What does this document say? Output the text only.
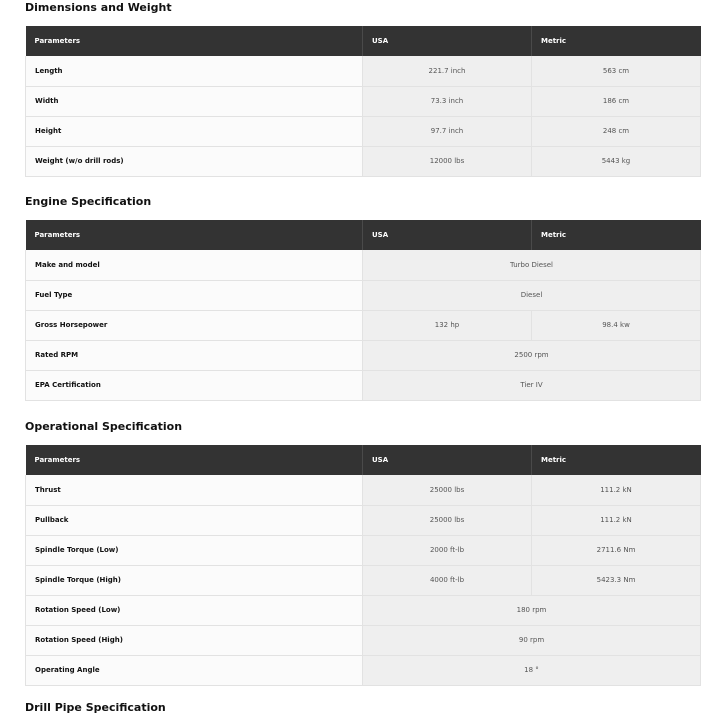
Dimensions and Weight
Parameters	USA	Metric
Length	221.7 inch	563 cm
Width	73.3 inch	186 cm
Height	97.7 inch	248 cm
Weight (w/o drill rods)	12000 lbs	5443 kg
Engine Specification
Parameters	USA	Metric
Make and model	Turbo Diesel	
Fuel Type	Diesel	
Gross Horsepower	132 hp	98.4 kw
Rated RPM	2500 rpm	
EPA Certification	Tier IV	
Operational Specification
Parameters	USA	Metric
Thrust	25000 lbs	111.2 kN
Pullback	25000 lbs	111.2 kN
Spindle Torque (Low)	2000 ft-lb	2711.6 Nm
Spindle Torque (High)	4000 ft-lb	5423.3 Nm
Rotation Speed (Low)	180 rpm	
Rotation Speed (High)	90 rpm	
Operating Angle	18 °	
Drill Pipe Specification
